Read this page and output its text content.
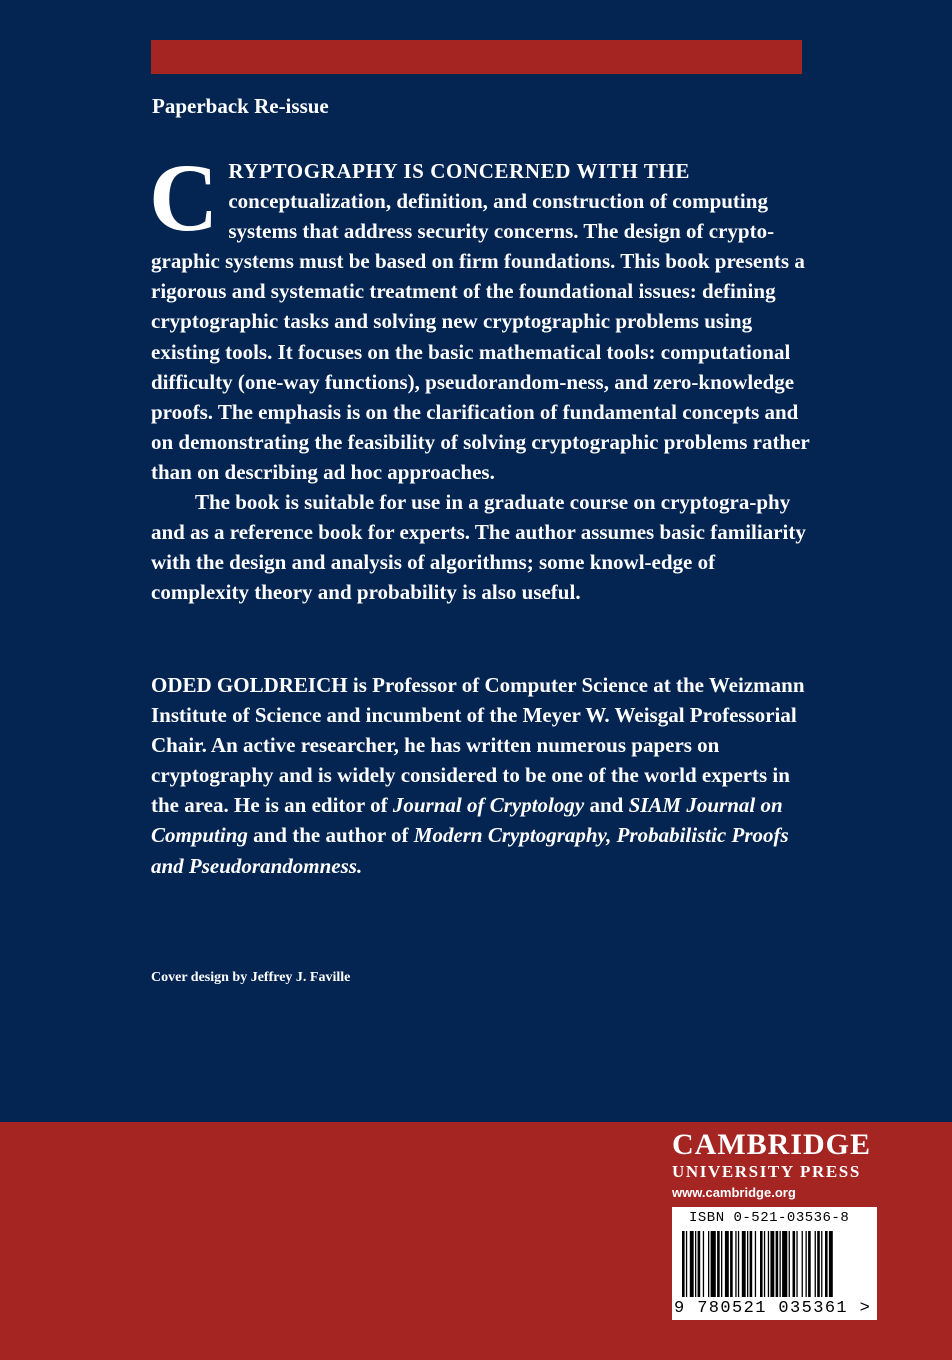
Paperback Re-issue

CRYPTOGRAPHY IS CONCERNED WITH THE conceptualization, definition, and construction of computing systems that address security concerns. The design of crypto-graphic systems must be based on firm foundations. This book presents a rigorous and systematic treatment of the foundational issues: defining cryptographic tasks and solving new cryptographic problems using existing tools. It focuses on the basic mathematical tools: computational difficulty (one-way functions), pseudorandom-ness, and zero-knowledge proofs. The emphasis is on the clarification of fundamental concepts and on demonstrating the feasibility of solving cryptographic problems rather than on describing ad hoc approaches.

The book is suitable for use in a graduate course on cryptogra-phy and as a reference book for experts. The author assumes basic familiarity with the design and analysis of algorithms; some knowl-edge of complexity theory and probability is also useful.

ODED GOLDREICH is Professor of Computer Science at the Weizmann Institute of Science and incumbent of the Meyer W. Weisgal Professorial Chair. An active researcher, he has written numerous papers on cryptography and is widely considered to be one of the world experts in the area. He is an editor of Journal of Cryptology and SIAM Journal on Computing and the author of Modern Cryptography, Probabilistic Proofs and Pseudorandomness.

Cover design by Jeffrey J. Faville
CAMBRIDGE
UNIVERSITY PRESS
www.cambridge.org
ISBN 0-521-03536-8
9 780521 035361 >
